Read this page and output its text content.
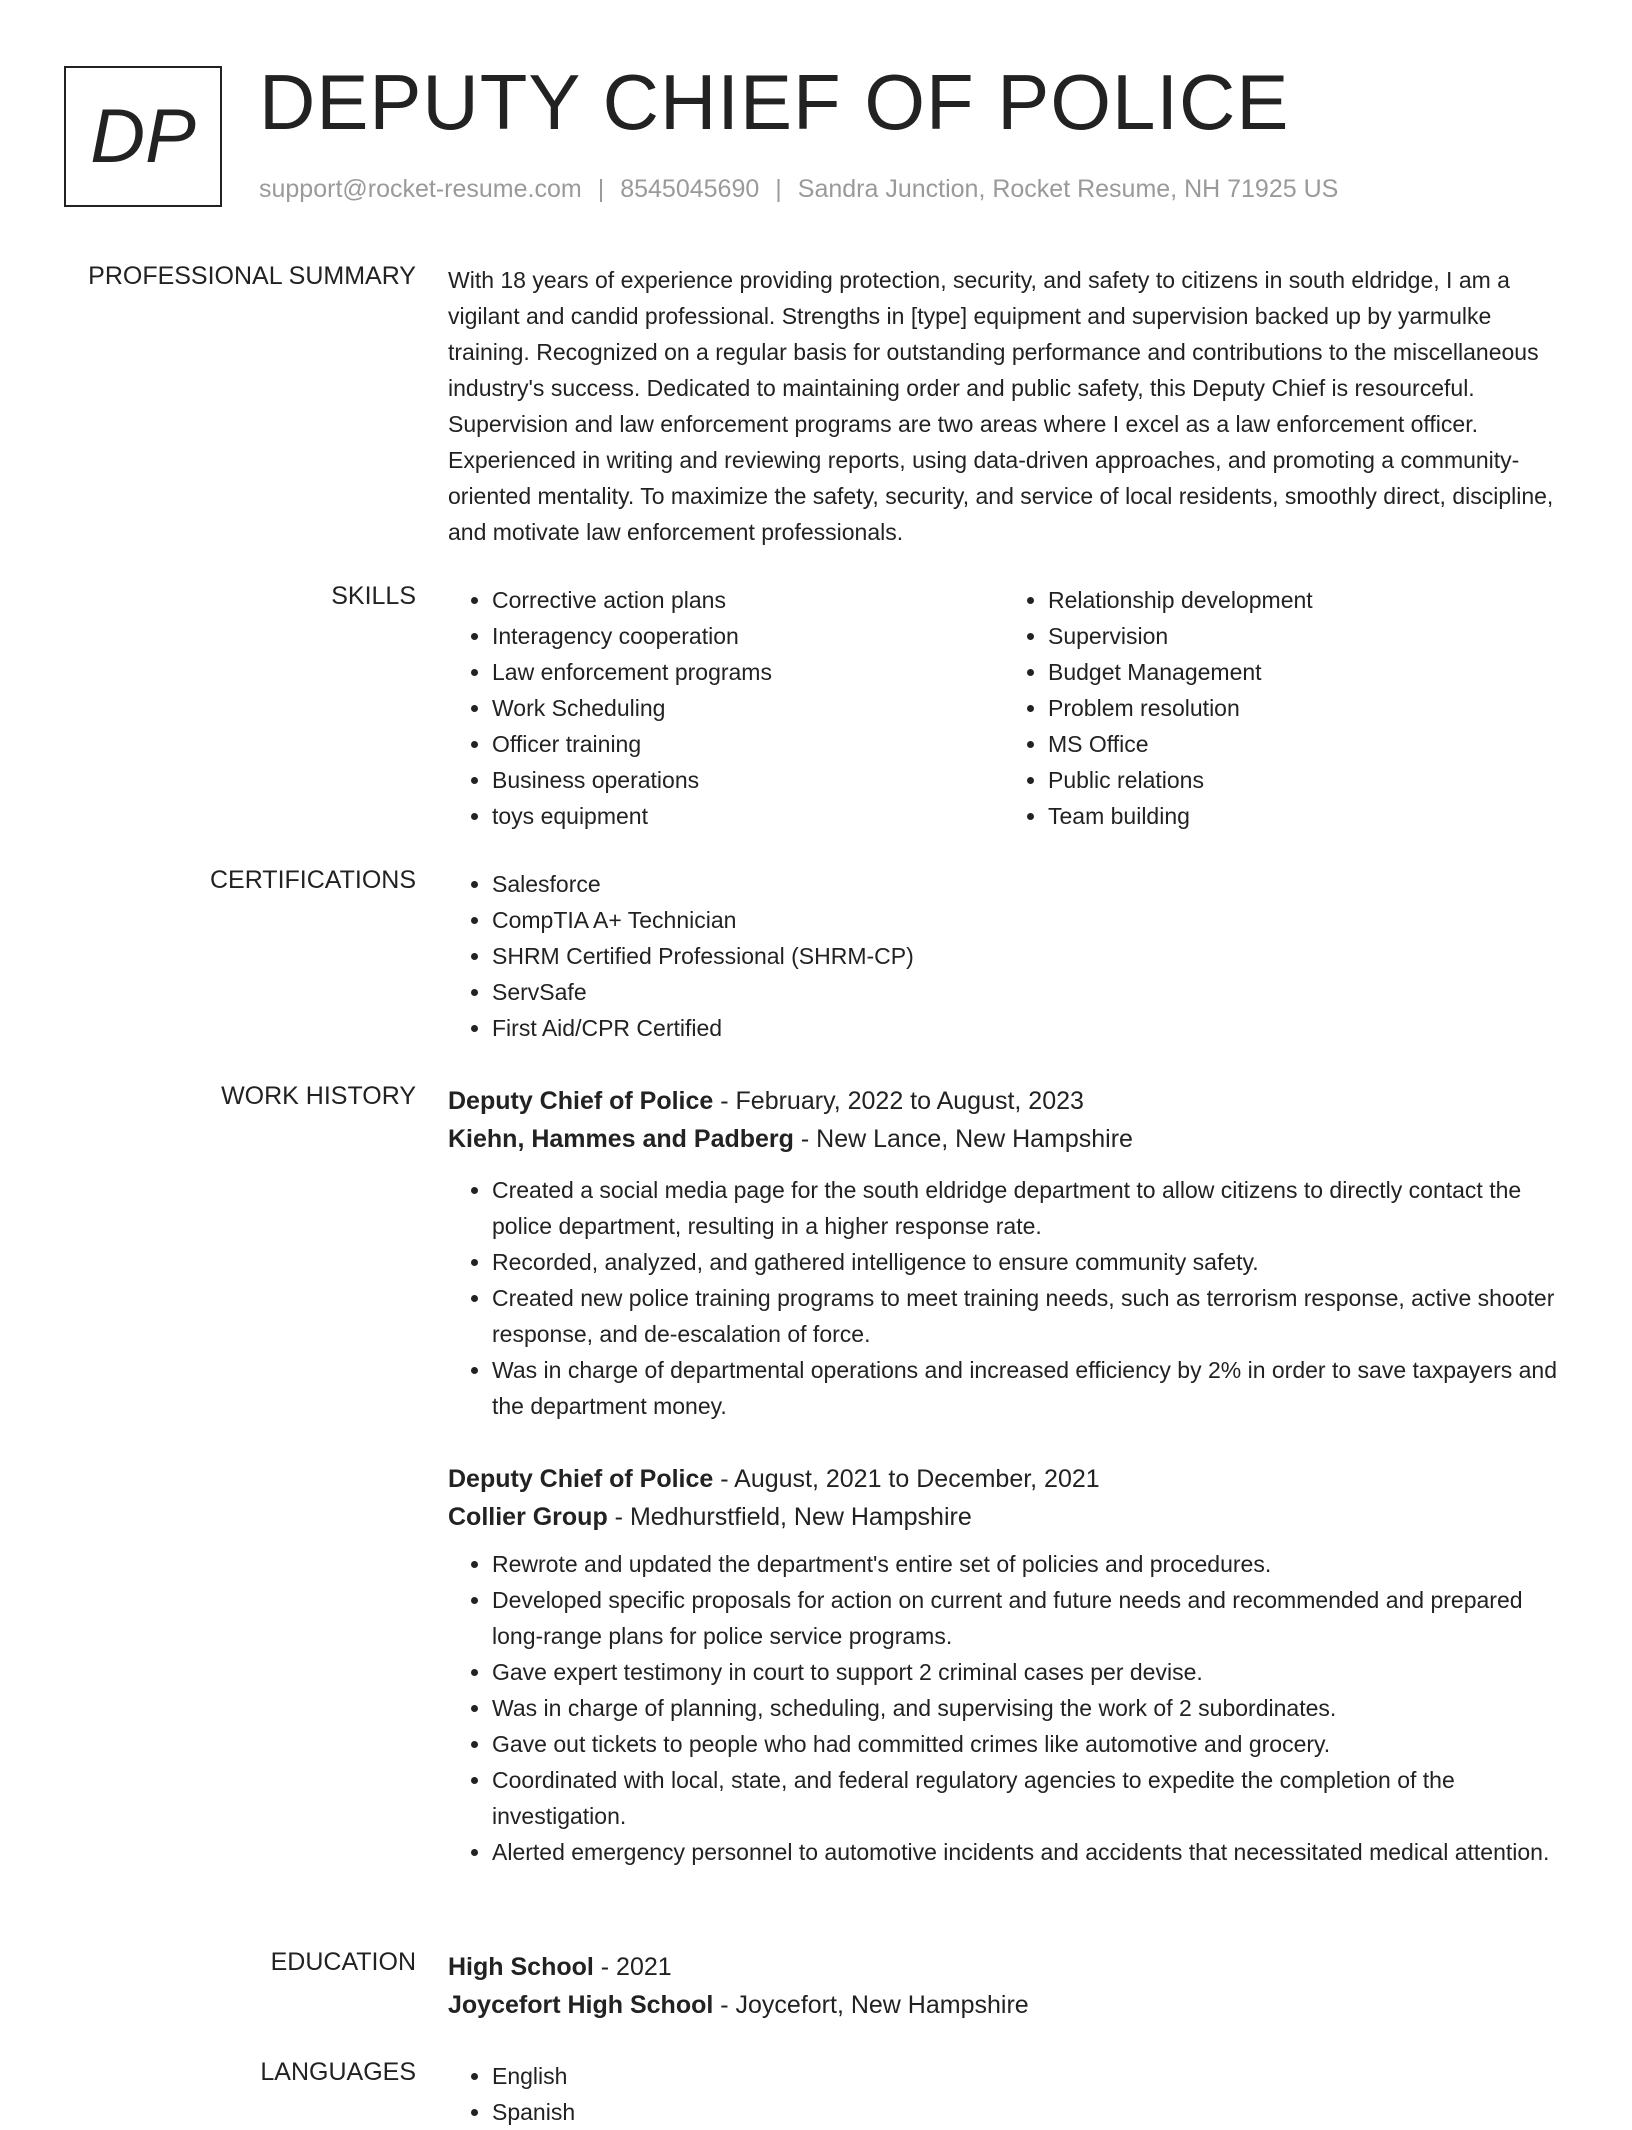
DP DEPUTY CHIEF OF POLICE
support@rocket-resume.com | 8545045690 | Sandra Junction, Rocket Resume, NH 71925 US
PROFESSIONAL SUMMARY With 18 years of experience providing protection, security, and safety to citizens in south eldridge, I am a vigilant and candid professional. Strengths in [type] equipment and supervision backed up by yarmulke training. Recognized on a regular basis for outstanding performance and contributions to the miscellaneous industry's success. Dedicated to maintaining order and public safety, this Deputy Chief is resourceful. Supervision and law enforcement programs are two areas where I excel as a law enforcement officer. Experienced in writing and reviewing reports, using data-driven approaches, and promoting a community-oriented mentality. To maximize the safety, security, and service of local residents, smoothly direct, discipline, and motivate law enforcement professionals.

SKILLS	• Corrective action plans
• Interagency cooperation
• Law enforcement programs
• Work Scheduling
• Officer training
• Business operations
• toys equipment
• Relationship development
• Supervision
• Budget Management
• Problem resolution
• MS Office
• Public relations
• Team building
CERTIFICATIONS	• Salesforce
• CompTIA A+ Technician
• SHRM Certified Professional (SHRM-CP)
• ServSafe
• First Aid/CPR Certified
WORK HISTORY Deputy Chief of Police - February, 2022 to August, 2023
Kiehn, Hammes and Padberg - New Lance, New Hampshire
• Created a social media page for the south eldridge department to allow citizens to directly contact the police department, resulting in a higher response rate.
• Recorded, analyzed, and gathered intelligence to ensure community safety.
• Created new police training programs to meet training needs, such as terrorism response, active shooter response, and de-escalation of force.
• Was in charge of departmental operations and increased efficiency by 2% in order to save taxpayers and the department money.
Deputy Chief of Police - August, 2021 to December, 2021
Collier Group - Medhurstfield, New Hampshire
• Rewrote and updated the department's entire set of policies and procedures.
• Developed specific proposals for action on current and future needs and recommended and prepared long-range plans for police service programs.
• Gave expert testimony in court to support 2 criminal cases per devise.
• Was in charge of planning, scheduling, and supervising the work of 2 subordinates.
• Gave out tickets to people who had committed crimes like automotive and grocery.
• Coordinated with local, state, and federal regulatory agencies to expedite the completion of the investigation.
• Alerted emergency personnel to automotive incidents and accidents that necessitated medical attention.
EDUCATION High School - 2021
Joycefort High School - Joycefort, New Hampshire
LANGUAGES	• English
• Spanish
